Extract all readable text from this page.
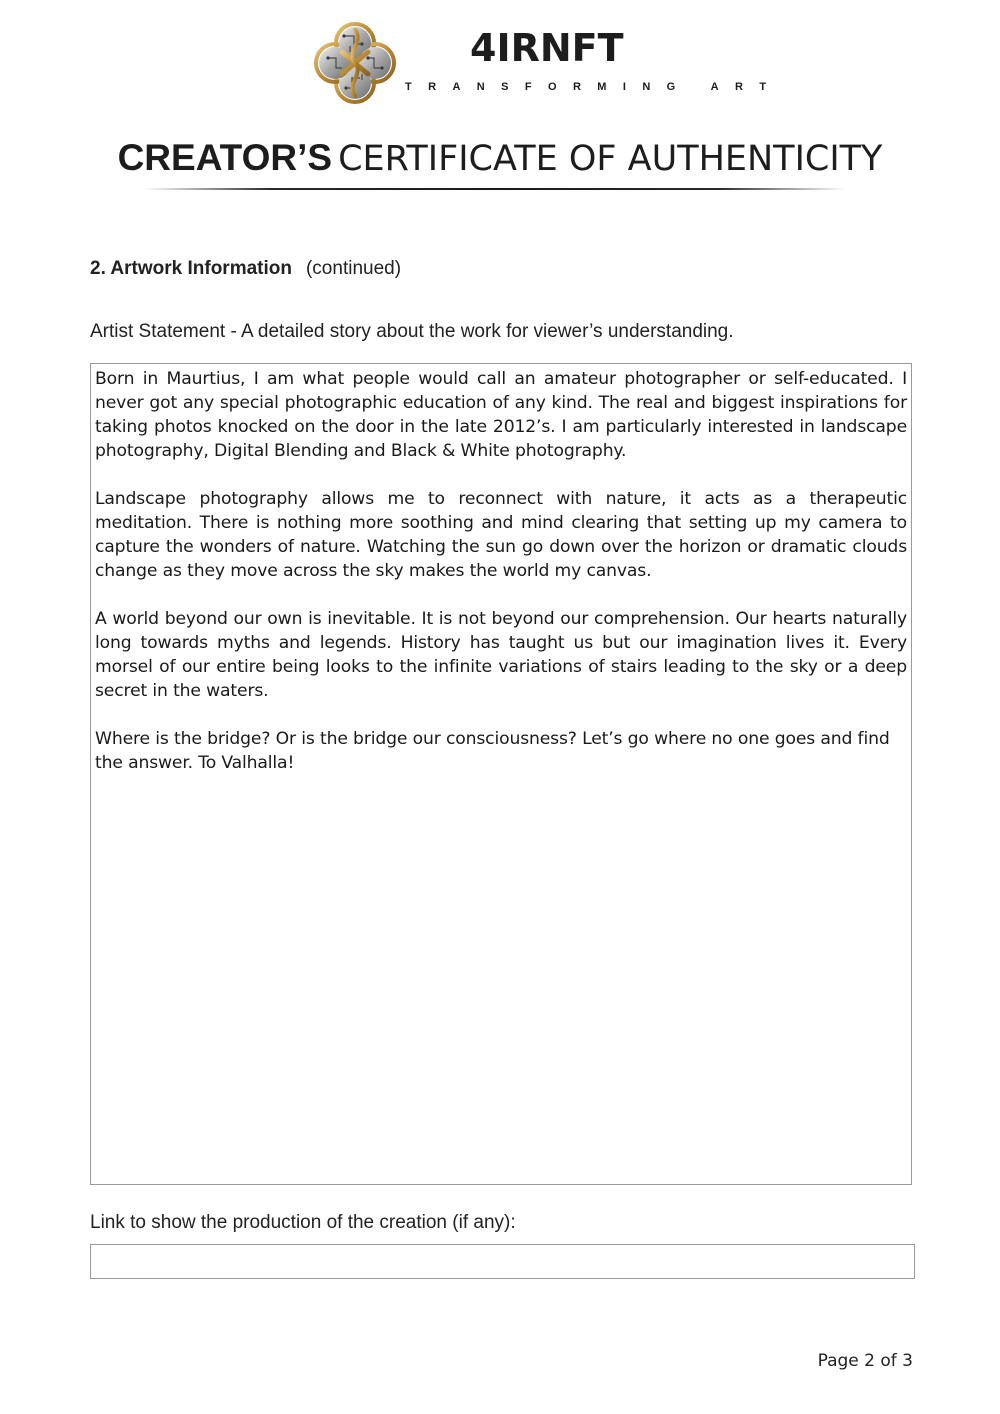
4IRNFT
TRANSFORMING ART
CREATOR’S CERTIFICATE OF AUTHENTICITY
2. Artwork Information (continued)
Artist Statement - A detailed story about the work for viewer’s understanding.

Born in Maurtius, I am what people would call an amateur photographer or self-educated. I never got any special photographic education of any kind. The real and biggest inspirations for taking photos knocked on the door in the late 2012’s. I am particularly interested in landscape photography, Digital Blending and Black & White photography.

Landscape photography allows me to reconnect with nature, it acts as a therapeutic meditation. There is nothing more soothing and mind clearing that setting up my camera to capture the wonders of nature. Watching the sun go down over the horizon or dramatic clouds change as they move across the sky makes the world my canvas.

A world beyond our own is inevitable. It is not beyond our comprehension. Our hearts naturally long towards myths and legends. History has taught us but our imagination lives it. Every morsel of our entire being looks to the infinite variations of stairs leading to the sky or a deep secret in the waters.

Where is the bridge? Or is the bridge our consciousness? Let’s go where no one goes and find the answer. To Valhalla!

Link to show the production of the creation (if any):
Page 2 of 3
